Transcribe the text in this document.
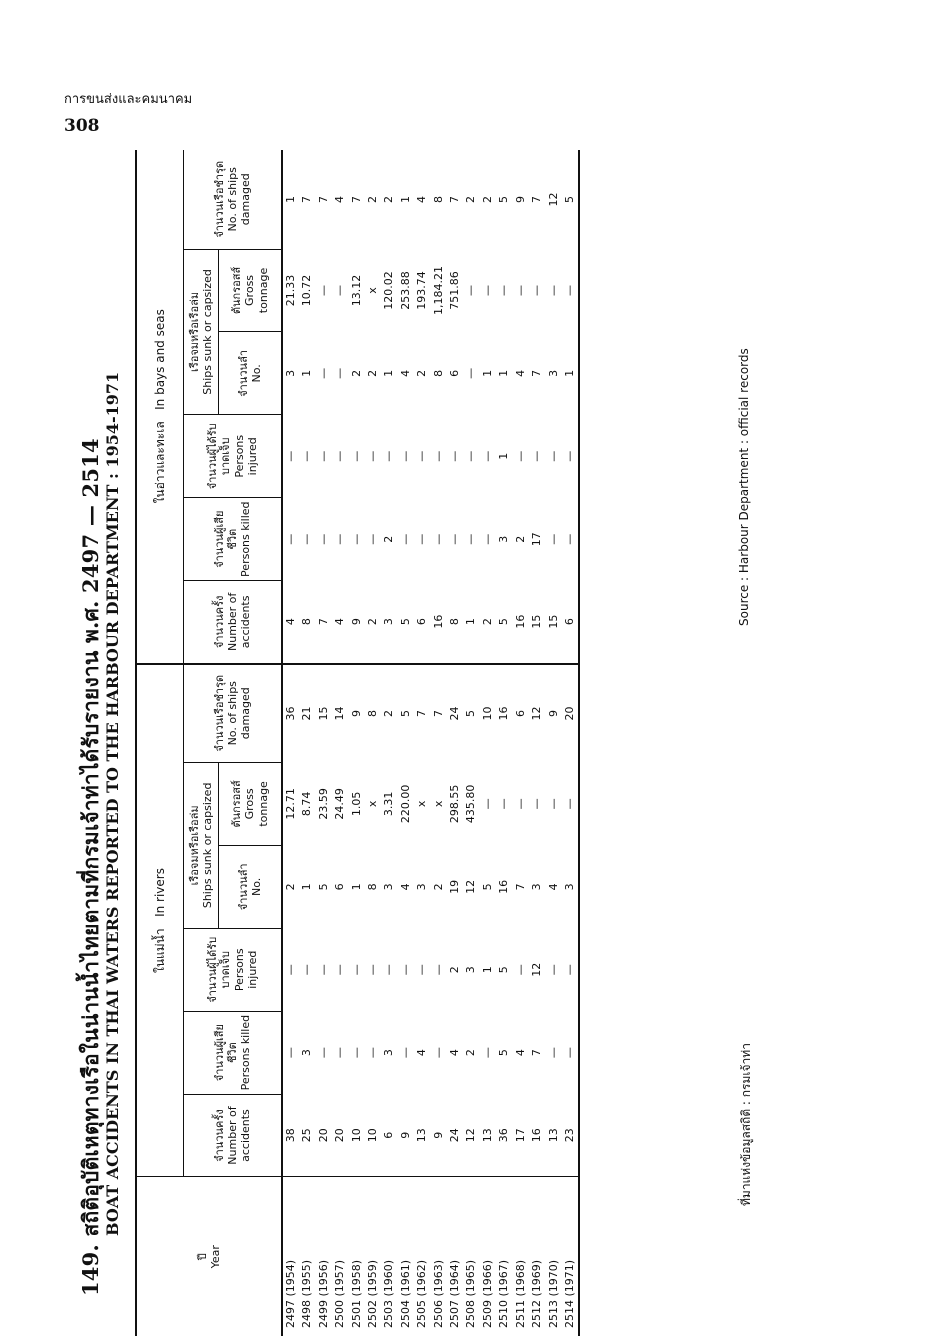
การขนส่งและคมนาคม
308
149. สถิติอุบัติเหตุทางเรือในน่านน้ำไทยตามที่กรมเจ้าท่าได้รับรายงาน พ.ศ. 2497 — 2514 BOAT ACCIDENTS IN THAI WATERS REPORTED TO THE HARBOUR DEPARTMENT : 1954-1971
ปี Year	ในแม่น้ำ   In rivers						ในอ่าวและทะเล   In bays and seas					

	จำนวนครั้ง Number of accidents	จำนวนผู้เสียชีวิต Persons killed	จำนวนผู้ได้รับบาดเจ็บ Persons injured	เรือจมหรือเรือล่ม Ships sunk or capsized		จำนวนเรือชำรุด No. of ships damaged	จำนวนครั้ง Number of accidents	จำนวนผู้เสียชีวิต Persons killed	จำนวนผู้ได้รับบาดเจ็บ Persons injured	เรือจมหรือเรือล่ม Ships sunk or capsized		จำนวนเรือชำรุด No. of ships damaged

				จำนวนลำ No.	ตันกรอสส์ Gross tonnage					จำนวนลำ No.	ตันกรอสส์ Gross tonnage	

2497 (1954)	38	—	—	2	12.71	36	4	—	—	3	21.33	1
2498 (1955)	25	3	—	1	8.74	21	8	—	—	1	10.72	7
2499 (1956)	20	—	—	5	23.59	15	7	—	—	—	—	7
2500 (1957)	20	—	—	6	24.49	14	4	—	—	—	—	4
2501 (1958)	10	—	—	1	1.05	9	9	—	—	2	13.12	7
2502 (1959)	10	—	—	8	x	8	2	—	—	2	x	2
2503 (1960)	6	3	—	3	3.31	2	3	2	—	1	120.02	2
2504 (1961)	9	—	—	4	220.00	5	5	—	—	4	253.88	1
2505 (1962)	13	4	—	3	x	7	6	—	—	2	193.74	4
2506 (1963)	9	—	—	2	x	7	16	—	—	8	1,184.21	8
2507 (1964)	24	4	2	19	298.55	24	8	—	—	6	751.86	7
2508 (1965)	12	2	3	12	435.80	5	1	—	—	—	—	2
2509 (1966)	13	—	1	5	—	10	2	—	—	1	—	2
2510 (1967)	36	5	5	16	—	16	5	3	1	1	—	5
2511 (1968)	17	4	—	7	—	6	16	2	—	4	—	9
2512 (1969)	16	7	12	3	—	12	15	17	—	7	—	7
2513 (1970)	13	—	—	4	—	9	15	—	—	3	—	12
2514 (1971)	23	—	—	3	—	20	6	—	—	1	—	5
ที่มาแห่งข้อมูลสถิติ : กรมเจ้าท่า
Source : Harbour Department : official records
